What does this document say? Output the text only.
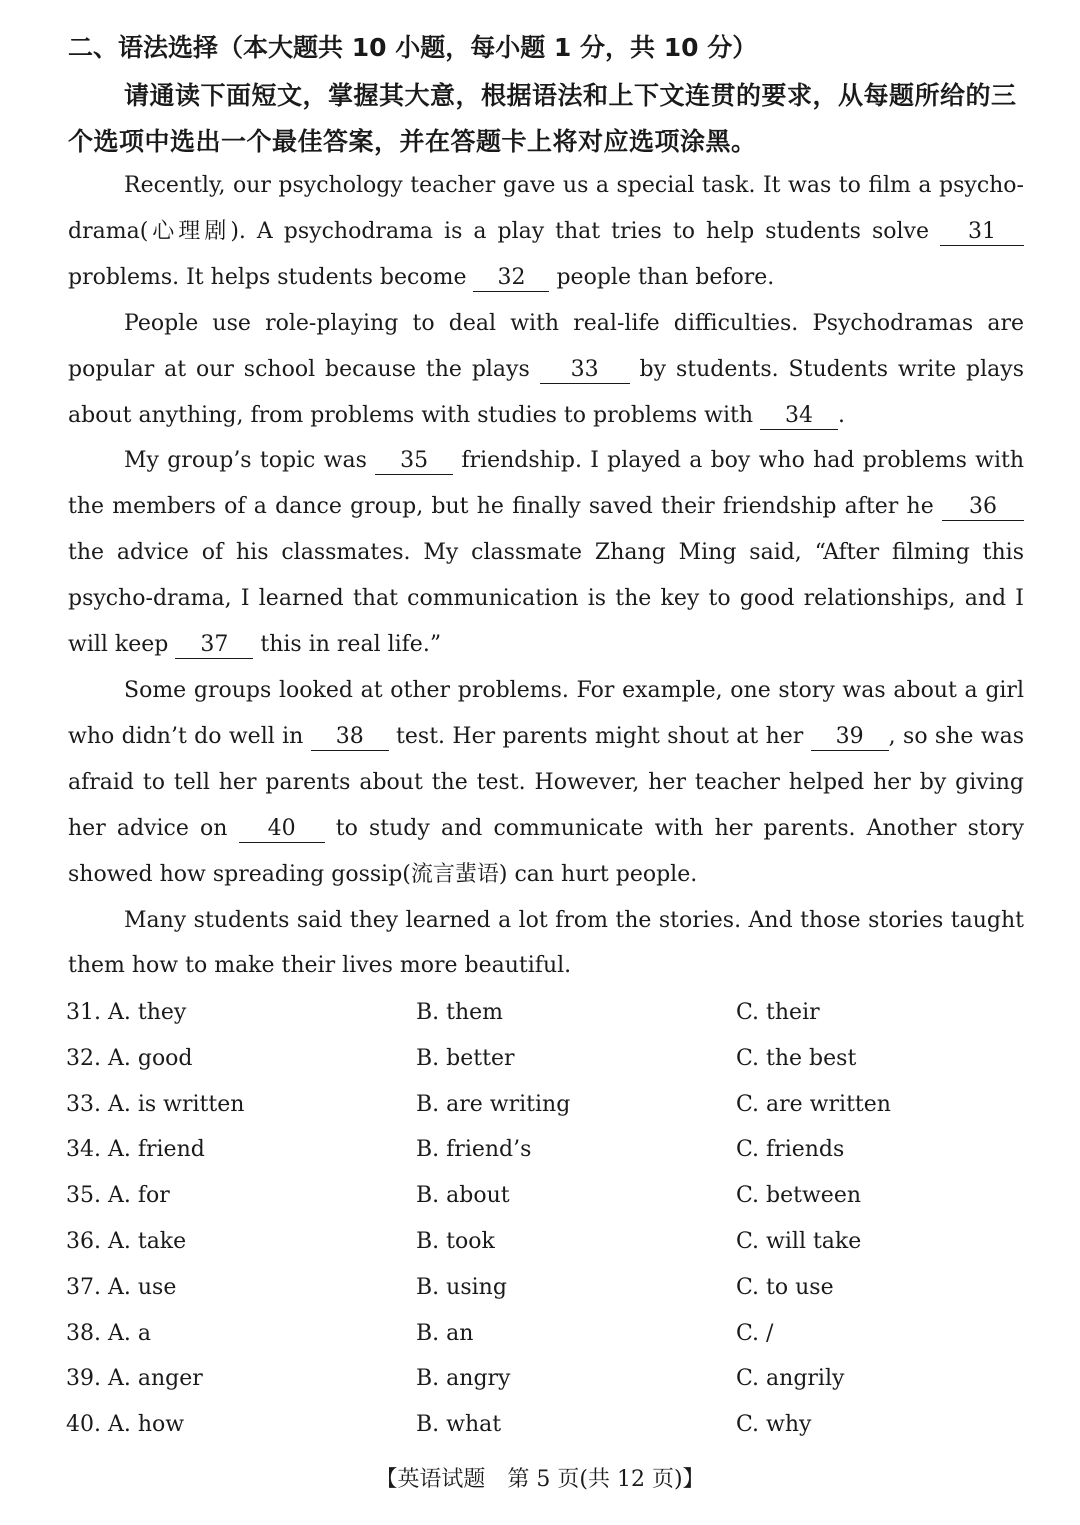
二、语法选择（本大题共 10 小题，每小题 1 分，共 10 分）
请通读下面短文，掌握其大意，根据语法和上下文连贯的要求，从每题所给的三个选项中选出一个最佳答案，并在答题卡上将对应选项涂黑。

Recently, our psychology teacher gave us a special task. It was to film a psycho-drama(心理剧). A psychodrama is a play that tries to help students solve 31 problems. It helps students become 32 people than before.

People use role-playing to deal with real-life difficulties. Psychodramas are popular at our school because the plays 33 by students. Students write plays about anything, from problems with studies to problems with 34 .

My group’s topic was 35 friendship. I played a boy who had problems with the members of a dance group, but he finally saved their friendship after he 36 the advice of his classmates. My classmate Zhang Ming said, “After filming this psycho-drama, I learned that communication is the key to good relationships, and I will keep 37 this in real life.”

Some groups looked at other problems. For example, one story was about a girl who didn’t do well in 38 test. Her parents might shout at her 39 , so she was afraid to tell her parents about the test. However, her teacher helped her by giving her advice on 40 to study and communicate with her parents. Another story showed how spreading gossip(流言蜚语) can hurt people.

Many students said they learned a lot from the stories. And those stories taught them how to make their lives more beautiful.

31. A. they	B. them	C. their
32. A. good	B. better	C. the best
33. A. is written	B. are writing	C. are written
34. A. friend	B. friend’s	C. friends
35. A. for	B. about	C. between
36. A. take	B. took	C. will take
37. A. use	B. using	C. to use
38. A. a	B. an	C. /
39. A. anger	B. angry	C. angrily
40. A. how	B. what	C. why
【英语试题　第 5 页(共 12 页)】
